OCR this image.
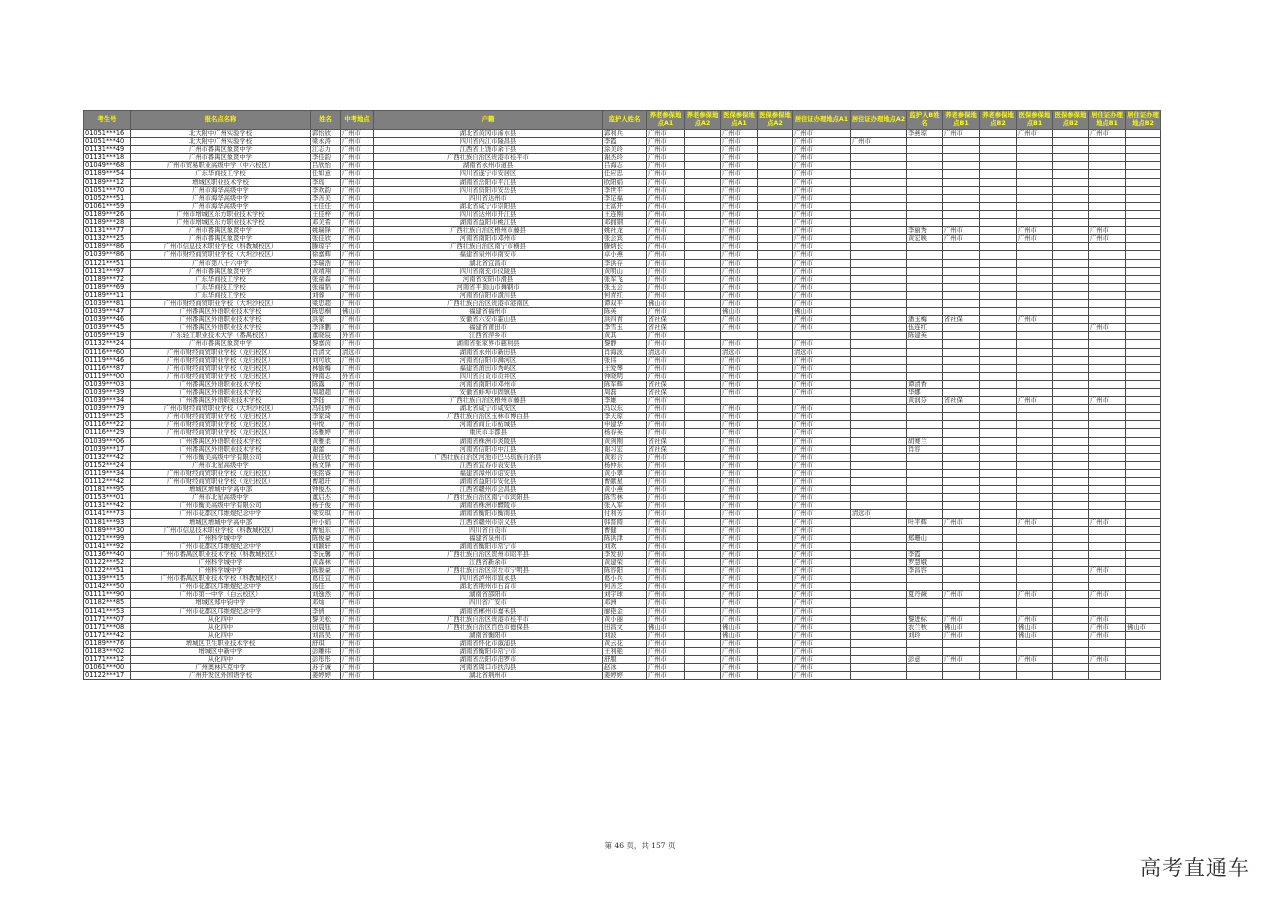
考生号	报名点名称	姓名	中考地点	户籍	监护人姓名	养老参保地点A1	养老参保地点A2	医保参保地点A1	医保参保地点A2	居住证办理地点A1	居住证办理地点A2	监护人B姓名	养老参保地点B1	养老参保地点B2	医保参保地点B1	医保参保地点B2	居住证办理地点B1	居住证办理地点B2
01051***16	北大附中广州实验学校	郭怡欣	广州市	湖北省黄冈市浠水县	郭利兵	广州市		广州市		广州市		李燕琼	广州市		广州市		广州市	
01051***40	北大附中广州实验学校	梁永涛	广州市	四川省内江市隆昌县	李霞	广州市		广州市		广州市	广州市							
01131***49	广州市番禺区象贤中学	江志力	广州市	江西省上饶市余干县	涂美玲	广州市		广州市		广州市								
01131***18	广州市番禺区象贤中学	李佳韵	广州市	广西壮族自治区贵港市桂平市	谢杰玲	广州市		广州市		广州市								
01049***68	广州市贸易职业高级中学（中六校区）	吕欣怡	广州市	湖南省永州市道县	吕海志	广州市		广州市		广州市								
01189***54	广东华商技工学校	任如意	广州市	四川省遂宁市安居区	任应忠	广州市		广州市		广州市								
01189***12	增城区职业技术学校	李瑶	广州市	湖南省岳阳市平江县	欧阳娟	广州市		广州市		广州市								
01051***70	广州市海华高级中学	李欢韵	广州市	四川省资阳市安岳县	李世平	广州市		广州市		广州市								
01052***51	广州市海华高级中学	李善美	广州市	四川省达州市	李足福	广州市		广州市		广州市								
01061***59	广州市海华高级中学	王佳佳	广州市	湖北省咸宁市崇阳县	王富开	广州市		广州市		广州市								
01189***26	广州市增城区东方职业技术学校	王佳梓	广州市	四川省达州市开江县	王连刚	广州市		广州市		广州市								
01189***28	广州市增城区东方职业技术学校	邓美希	广州市	湖南省益阳市桃江县	邓拥钢	广州市		广州市		广州市								
01131***77	广州市番禺区象贤中学	姚瑞锋	广州市	广西壮族自治区梧州市藤县	姚社龙	广州市		广州市		广州市		李丽秀	广州市		广州市		广州市	
01132***25	广州市番禺区象贤中学	张佳欣	广州市	河南省南阳市邓州市	张会宾	广州市		广州市		广州市		黄宏映	广州市		广州市		广州市	
01189***86	广州市信息技术职业学校（科教城校区）	滕琼宇	广州市	广西壮族自治区南宁市横县	滕炳长	广州市		广州市		广州市								
01039***86	广州市财经商贸职业学校（大坦沙校区）	徐嘉辉	广州市	福建省泉州市南安市	卓小燕	广州市		广州市		广州市								
01121***51	广州市第八十六中学	李瑞浩	广州市	湖北省宜昌市	李洪存	广州市		广州市		广州市								
01131***97	广州市番禺区象贤中学	黄靖翔	广州市	四川省南充市仪陇县	黄明山	广州市		广州市		广州市								
01189***72	广东华商技工学校	张童森	广州市	河南省安阳市滑县	张军飞	广州市		广州市		广州市								
01189***69	广东华商技工学校	张福韬	广州市	河南省平顶山市舞钢市	张玉会	广州市		广州市		广州市								
01189***11	广东华商技工学校	刘蓉	广州市	河南省信阳市潢川县	何青红	广州市		广州市		广州市								
01039***81	广州市财经商贸职业学校（大坦沙校区）	梁思超	广州市	广西壮族自治区贵港市港南区	谭双平	佛山市		广州市		广州市								
01039***47	广州番禺区外语职业技术学校	陈思桐	佛山市	福建省福州市	陈英	广州市		佛山市		佛山市								
01039***46	广州番禺区外语职业技术学校	洪家	广州市	安徽省六安市霍山县	洪四青	省社保		广州市		广州市		潘玉梅	省社保		广州市			
01039***45	广州番禺区外语职业技术学校	李泽鹏	广州市	福建省莆田市	李雪玉	省社保		广州市		广州市		伍连红					广州市	
01059***19	广东轻工职业技术大学（番禺校区）	董晓宸	外省市	江西省萍乡市	黄其	广州市						陈建英						
01132***24	广州市番禺区象贤中学	黎嘉茵	广州市	湖南省张家界市慈利县	黎静	广州市		广州市		广州市								
01116***60	广州市财经商贸职业学校（龙归校区）	肖清文	清远市	湖南省永州市新田县	肖海波	清远市		清远市		清远市								
01119***46	广州市财经商贸职业学校（龙归校区）	刘可欣	广州市	河南省信阳市浉河区	张伟	广州市		广州市		广州市								
01116***87	广州市财经商贸职业学校（龙归校区）	林愉梅	广州市	福建省莆田市秀屿区	王爱琴	广州市		广州市		广州市								
01119***00	广州市财经商贸职业学校（龙归校区）	钟南志	外省市	四川省自贡市贡井区	钟晓明	广州市		广州市		广州市								
01039***03	广州番禺区外语职业技术学校	陈露	广州市	河南省南阳市邓州市	陈军辉	省社保		广州市		广州市		谭清香						
01039***39	广州番禺区外语职业技术学校	周超超	广州市	安徽省蚌埠市固镇县	周磊	省社保		广州市		广州市		华娜						
01039***34	广州番禺区外语职业技术学校	李钰	广州市	广西壮族自治区梧州市藤县	李雄	广州市						黄润芬	省社保		广州市		广州市	
01039***79	广州市财经商贸职业学校（大坦沙校区）	冯钰婷	广州市	湖北省咸宁市咸安区	冯以东	广州市		广州市		广州市								
01119***25	广州市财经商贸职业学校（龙归校区）	李家琦	广州市	广西壮族自治区玉林市博白县	李天琼	广州市		广州市		广州市								
01116***22	广州市财经商贸职业学校（龙归校区）	申悦	广州市	河南省商丘市柘城县	申建华	广州市		广州市		广州市								
01116***29	广州市财经商贸职业学校（龙归校区）	汤雅婷	广州市	重庆市丰都县	杨春英	广州市		广州市		广州市								
01039***06	广州番禺区外语职业技术学校	黄雅柔	广州市	湖南省株洲市炎陵县	黄剑刚	省社保		广州市		广州市		胡赛兰						
01039***17	广州番禺区外语职业技术学校	谢蕾	广州市	河南省信阳市中江县	谢习宏	省社保		广州市		广州市		肖容						
01132***42	广州市衡美高级中学有限公司	黄佳欣	广州市	广西壮族自治区河池市巴马瑶族自治县	黄彩合	广州市		广州市		广州市								
01152***24	广州市北星高级中学	杨文锋	广州市	江西省宜春市袁安县	杨仲东	广州市		广州市		广州市								
01119***34	广州市财经商贸职业学校（龙归校区）	张铭睿	广州市	福建省漳州市诏安县	黄小翠	广州市		广州市		广州市								
01112***42	广州市财经商贸职业学校（龙归校区）	曹超玕	广州市	湖南省益阳市安化县	曹献星	广州市		广州市		广州市								
01181***95	增城区增城中学高中部	钟俊杰	广州市	江西省赣州市会昌县	黄小燕	广州市		广州市		广州市								
01153***01	广州市北星高级中学	董启杰	广州市	广西壮族自治区南宁市宾阳县	陈雪林	广州市		广州市		广州市								
01131***42	广州市衡美高级中学有限公司	杨子俊	广州市	湖南省株洲市醴陵市	张入军	广州市		广州市		广州市								
01141***73	广州市花都区邝维煜纪念中学	梁安琪	广州市	湖南省衡阳市衡南县	付利芳	广州市		广州市		广州市	清远市							
01181***93	增城区增城中学高中部	叶小娟	广州市	江西省赣州市崇义县	韩晋圆	广州市		广州市		广州市		叶平辉	广州市		广州市		广州市	
01189***30	广州市信息技术职业学校（科教城校区）	曹旭东	广州市	四川省自贡市	曹健	广州市		广州市		广州市								
01121***99	广州科学城中学	陈俊豪	广州市	福建省泉州市	陈洪津	广州市		广州市		广州市		郑珊山						
01141***92	广州市花都区邝维煜纪念中学	刘颖轩	广州市	湖南省衡阳市常宁市	刘欢	广州市		广州市		广州市								
01136***40	广州市番禺区职业技术学校（科教城校区）	李沅馨	广州市	广西壮族自治区贺州市昭平县	李发初	广州市		广州市		广州市		李霞						
01122***52	广州科学城中学	黄森林	广州市	江西省新余市	黄建荣	广州市		广州市		广州市		罗慧娥						
01122***51	广州科学城中学	陈骏豪	广州市	广西壮族自治区崇左市宁明县	陈容阳	广州市		广州市		广州市		李昌容					广州市	
01139***15	广州市番禺区职业技术学校（科教城校区）	葛佳宜	广州市	四川省泸州市叙永县	葛小兵	广州市		广州市		广州市								
01142***50	广州市花都区邝维煜纪念中学	汤佳	广州市	湖北省荆州市石首市	何善芝	广州市		广州市		广州市								
01111***90	广州市第一中学（白云校区）	刘逸然	广州市	湖南省邵阳市	刘宇球	广州市		广州市		广州市		夏丹薇	广州市		广州市		广州市	
01182***85	增城区郑中钧中学	邓灿	广州市	四川省广安市	邓洲	广州市		广州市		广州市								
01141***53	广州市花都区邝维煜纪念中学	李倩	广州市	湖南省郴州市嘉禾县	廖艳金	广州市		广州市		广州市								
01171***07	从化四中	黎美松	广州市	广西壮族自治区贵港市桂平市	黄小丽	广州市		广州市		广州市		黎进标	广州市		广州市		广州市	
01171***08	从化四中	田晨钰	广州市	广西壮族自治区百色市德保县	田昌文	佛山市		佛山市		广州市		农兰秋	佛山市		佛山市		广州市	佛山市
01171***42	从化四中	刘昌吴	广州市	湖南省衡阳市	刘波	广州市		佛山市		广州市		刘玲	广州市		佛山市		广州市	
01189***76	增城区卫生职业技术学校	舒琪	广州市	湖南省怀化市溆浦县	黄云花	广州市		广州市		广州市								
01183***02	增城区中新中学	彭雕纬	广州市	湖南省衡阳市常宁市	王利艳	广州市		广州市		广州市								
01171***12	从化四中	彭彤彤	广州市	湖南省岳阳市汨罗市	舒服	广州市		广州市		广州市		彭意	广州市		广州市		广州市	
01061***00	广州奥林匹克中学	苏子诚	广州市	河南省周口市扶沟县	赵冰	广州市		广州市		广州市								
01122***17	广州开发区外国语学校	姜婷婷	广州市	湖北省荆州市	姜婷婷	广州市		广州市		广州市								
第 46 页，共 157 页
高考直通车
